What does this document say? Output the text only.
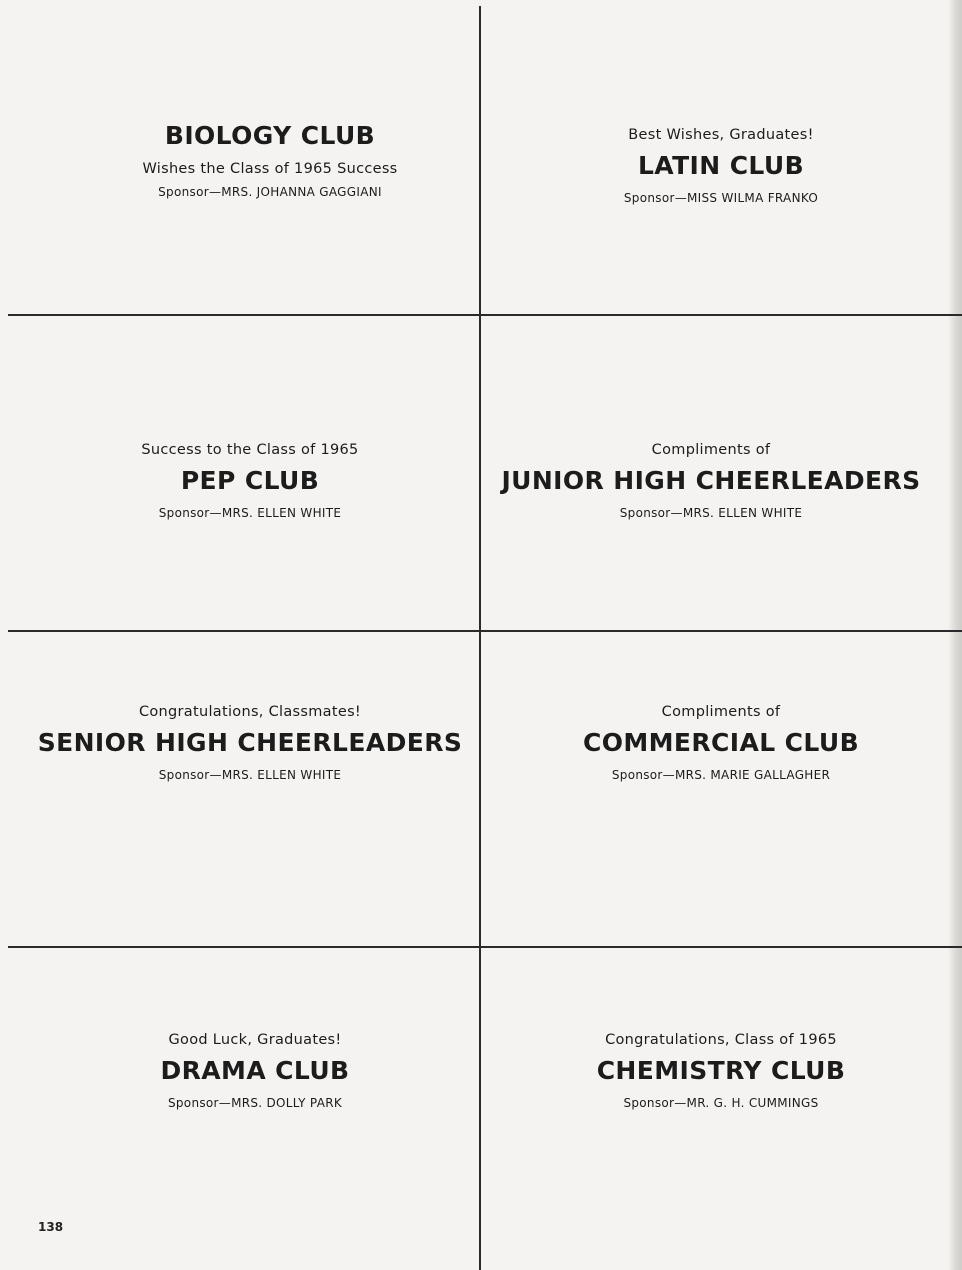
BIOLOGY CLUB
Wishes the Class of 1965 Success
Sponsor—MRS. JOHANNA GAGGIANI
Best Wishes, Graduates!
LATIN CLUB
Sponsor—MISS WILMA FRANKO
Success to the Class of 1965
PEP CLUB
Sponsor—MRS. ELLEN WHITE
Compliments of
JUNIOR HIGH CHEERLEADERS
Sponsor—MRS. ELLEN WHITE
Congratulations, Classmates!
SENIOR HIGH CHEERLEADERS
Sponsor—MRS. ELLEN WHITE
Compliments of
COMMERCIAL CLUB
Sponsor—MRS. MARIE GALLAGHER
Good Luck, Graduates!
DRAMA CLUB
Sponsor—MRS. DOLLY PARK
Congratulations, Class of 1965
CHEMISTRY CLUB
Sponsor—MR. G. H. CUMMINGS
138
